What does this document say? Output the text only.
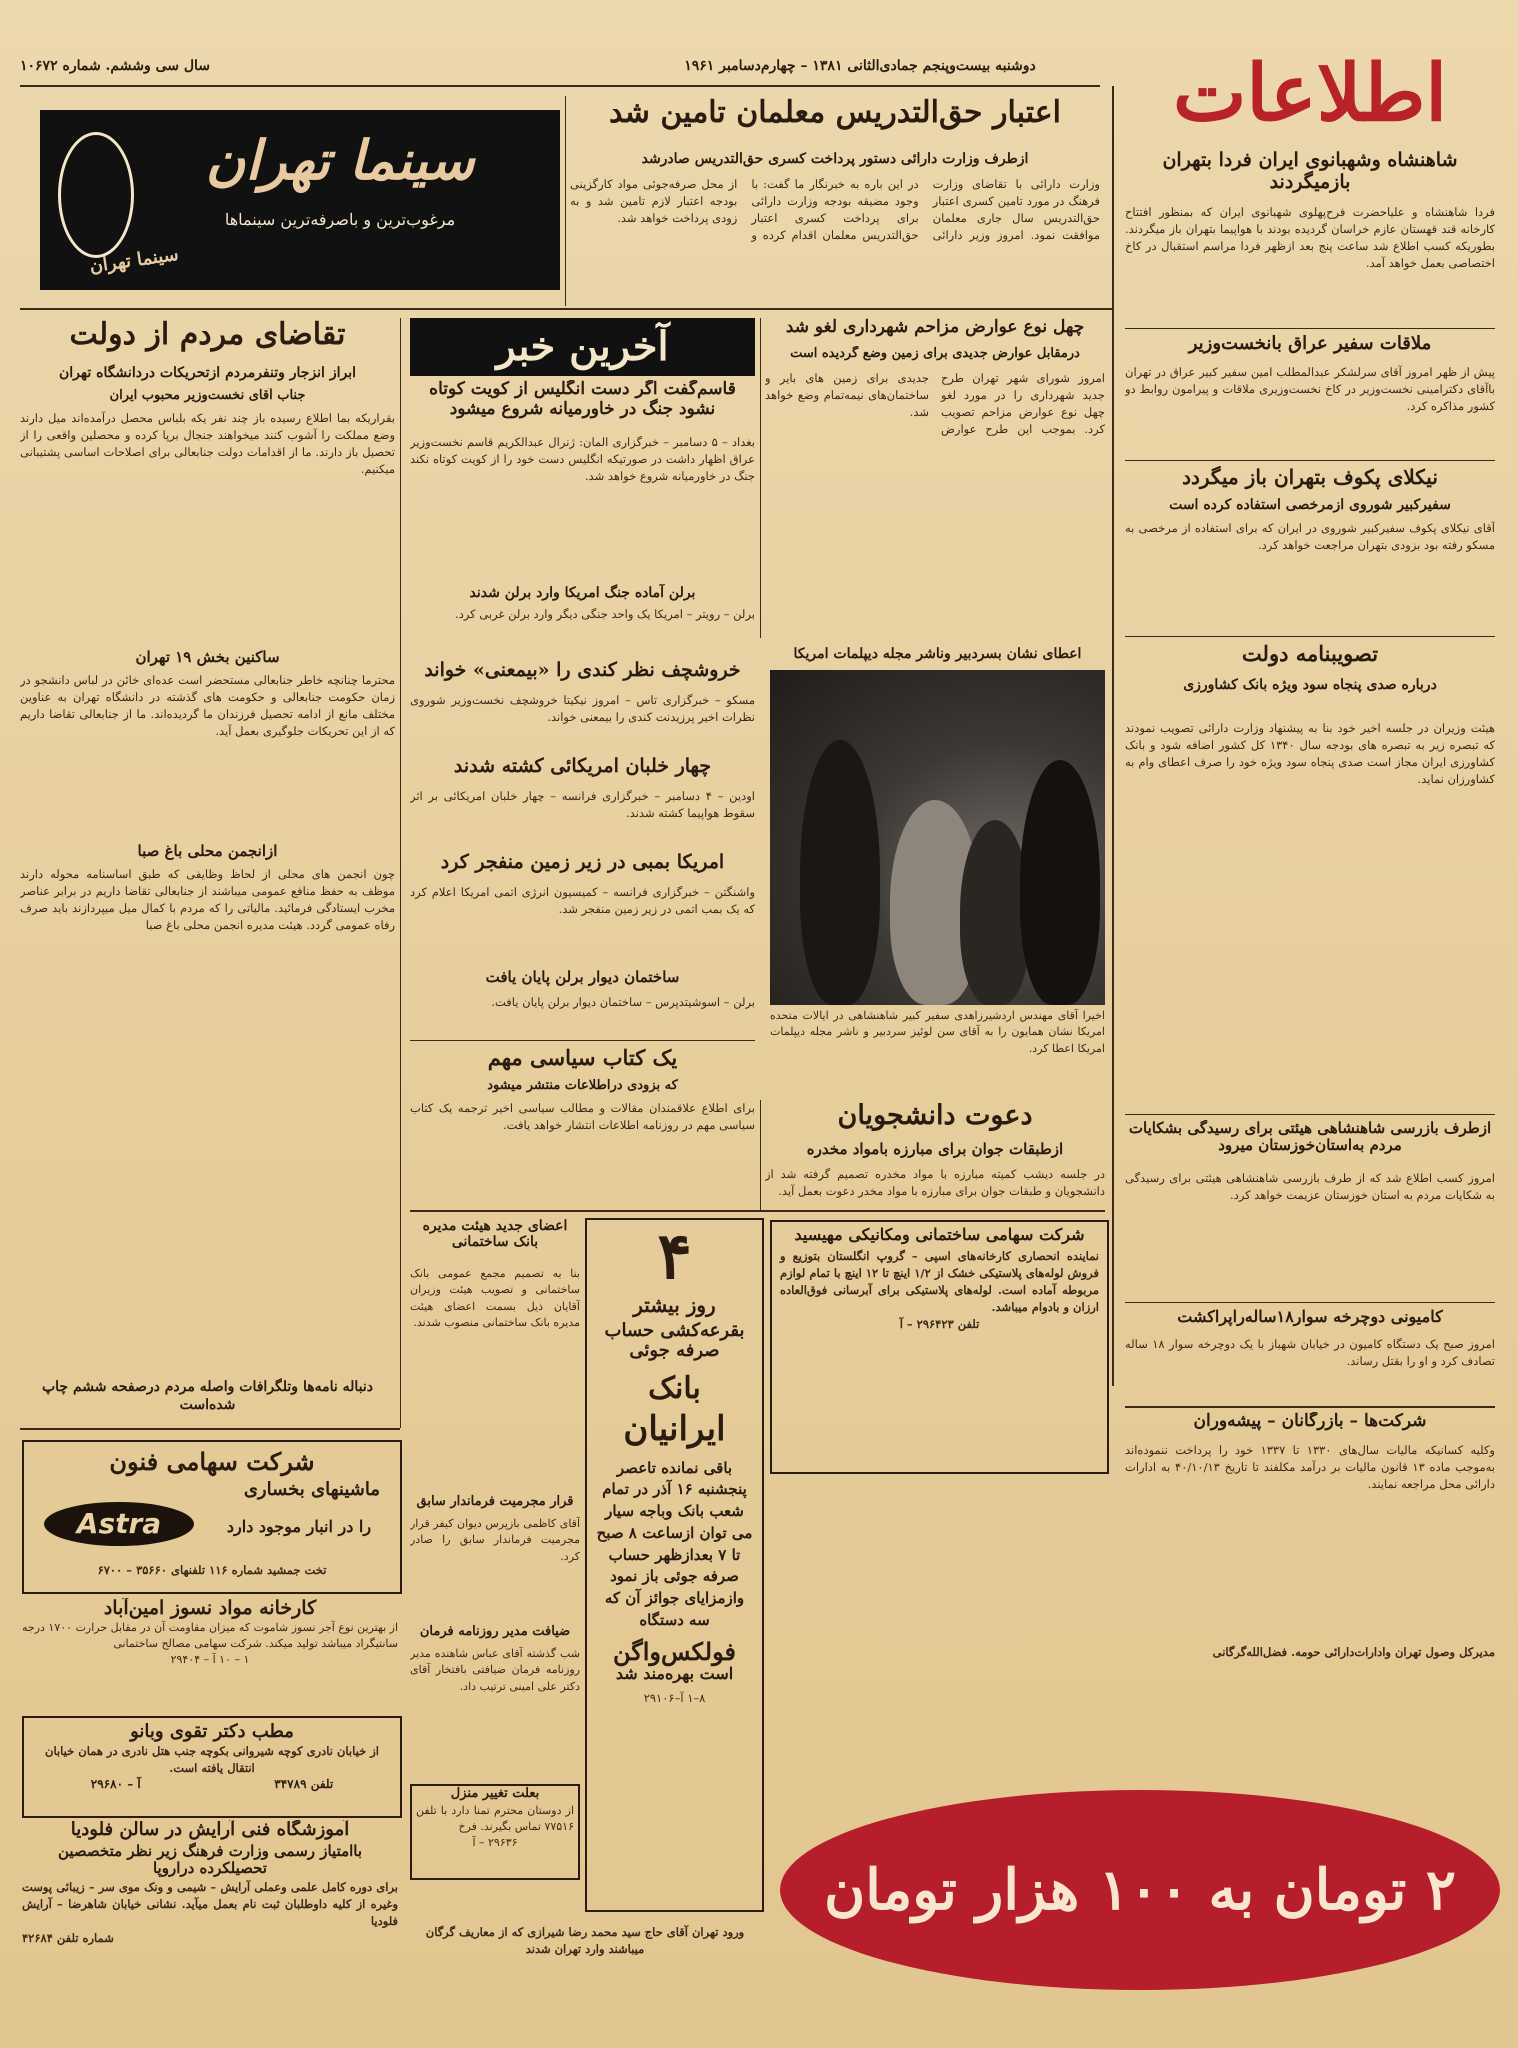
اطلاعات
دوشنبه بیست‌وپنجم جمادی‌الثانی ۱۳۸۱ – چهارم‌دسامبر ۱۹۶۱
سال سی وششم. شماره ۱۰۶۷۲
اعتبار حق‌التدریس معلمان تامین شد
ازطرف وزارت دارائی دستور پرداخت کسری حق‌التدریس صادرشد
وزارت دارائی با تقاضای وزارت فرهنگ در مورد تامین کسری اعتبار حق‌التدریس سال جاری معلمان موافقت نمود. امروز وزیر دارائی در این باره به خبرنگار ما گفت: با وجود مضیقه بودجه وزارت دارائی برای پرداخت کسری اعتبار حق‌التدریس معلمان اقدام کرده و از محل صرفه‌جوئی مواد کارگزینی بودجه اعتبار لازم تامین شد و به زودی پرداخت خواهد شد.
سینما تهران
مرغوب‌ترین و باصرفه‌ترین سینماها
سینما تهران
شاهنشاه وشهبانوی ایران فردا بتهران بازمیگردند
فردا شاهنشاه و علیاحضرت فرح‌پهلوی شهبانوی ایران که بمنظور افتتاح کارخانه قند قهستان عازم خراسان گردیده بودند با هواپیما بتهران باز میگردند. بطوریکه کسب اطلاع شد ساعت پنج بعد ازظهر فردا مراسم استقبال در کاخ اختصاصی بعمل خواهد آمد.
ملاقات سفیر عراق بانخست‌وزیر
پیش از ظهر امروز آقای سرلشکر عبدالمطلب امین سفیر کبیر عراق در تهران باآقای دکترامینی نخست‌وزیر در کاخ نخست‌وزیری ملاقات و پیرامون روابط دو کشور مذاکره کرد.
نیکلای پکوف بتهران باز میگردد
سفیرکبیر شوروی ازمرخصی استفاده کرده است
آقای نیکلای پکوف سفیرکبیر شوروی در ایران که برای استفاده از مرخصی به مسکو رفته بود بزودی بتهران مراجعت خواهد کرد.
تصویبنامه دولت
درباره صدی پنجاه سود ویژه بانک کشاورزی
هیئت وزیران در جلسه اخیر خود بنا به پیشنهاد وزارت دارائی تصویب نمودند که تبصره زیر به تبصره های بودجه سال ۱۳۴۰ کل کشور اضافه شود و بانک کشاورزی ایران مجاز است صدی پنجاه سود ویژه خود را صرف اعطای وام به کشاورزان نماید.
ازطرف بازرسی شاهنشاهی هیئتی برای رسیدگی بشکایات مردم به‌استان‌خوزستان میرود
امروز کسب اطلاع شد که از طرف بازرسی شاهنشاهی هیئتی برای رسیدگی به شکایات مردم به استان خوزستان عزیمت خواهد کرد.
کامیونی دوچرخه سوار۱۸ساله‌راپراکشت
امروز صبح یک دستگاه کامیون در خیابان شهباز با یک دوچرخه سوار ۱۸ ساله تصادف کرد و او را بقتل رساند.
شرکت‌ها – بازرگانان – پیشه‌وران
وکلیه کسانیکه مالیات سال‌های ۱۳۳۰ تا ۱۳۳۷ خود را پرداخت ننموده‌اند به‌موجب ماده ۱۳ قانون مالیات بر درآمد مکلفند تا تاریخ ۴۰/۱۰/۱۳ به ادارات دارائی محل مراجعه نمایند.
مدیرکل وصول تهران وادارات‌دارائی حومه. فضل‌الله‌گرگانی
چهل نوع عوارض مزاحم شهرداری لغو شد
درمقابل عوارض جدیدی برای زمین وضع گردیده است
امروز شورای شهر تهران طرح جدید شهرداری را در مورد لغو چهل نوع عوارض مزاحم تصویب کرد. بموجب این طرح عوارض جدیدی برای زمین های بایر و ساختمان‌های نیمه‌تمام وضع خواهد شد.
اعطای نشان بسردبیر وناشر مجله دیپلمات امریکا
اخیرا آقای مهندس اردشیرزاهدی سفیر کبیر شاهنشاهی در ایالات متحده امریکا نشان همایون را به آقای سن لوئیز سردبیر و ناشر مجله دیپلمات امریکا اعطا کرد.
آخرین خبر
قاسم‌گفت اگر دست انگلیس از کویت کوتاه نشود جنگ در خاورمیانه شروع میشود
بغداد – ۵ دسامبر – خبرگزاری المان: ژنرال عبدالکریم قاسم نخست‌وزیر عراق اظهار داشت در صورتیکه انگلیس دست خود را از کویت کوتاه نکند جنگ در خاورمیانه شروع خواهد شد.
برلن آماده جنگ امریکا وارد برلن شدند
برلن – رویتر – امریکا یک واحد جنگی دیگر وارد برلن غربی کرد.
خروشچف نظر کندی را «بیمعنی» خواند
مسکو – خبرگزاری تاس – امروز نیکیتا خروشچف نخست‌وزیر شوروی نظرات اخیر پرزیدنت کندی را بیمعنی خواند.
چهار خلبان امریکائی کشته شدند
اودین – ۴ دسامبر – خبرگزاری فرانسه – چهار خلبان امریکائی بر اثر سقوط هواپیما کشته شدند.
امریکا بمبی در زیر زمین منفجر کرد
واشنگتن – خبرگزاری فرانسه – کمیسیون انرژی اتمی امریکا اعلام کرد که یک بمب اتمی در زیر زمین منفجر شد.
ساختمان دیوار برلن پایان یافت
برلن – اسوشیتدپرس – ساختمان دیوار برلن پایان یافت.
یک کتاب سیاسی مهم
که بزودی دراطلاعات منتشر میشود
برای اطلاع علاقمندان مقالات و مطالب سیاسی اخیر ترجمه یک کتاب سیاسی مهم در روزنامه اطلاعات انتشار خواهد یافت.	دعوت دانشجویان
ازطبقات جوان برای مبارزه بامواد مخدره
در جلسه دیشب کمیته مبارزه با مواد مخدره تصمیم گرفته شد از دانشجویان و طبقات جوان برای مبارزه با مواد مخدر دعوت بعمل آید.
تقاضای مردم از دولت
ابراز انزجار وتنفرمردم ازتحریکات دردانشگاه تهران
جناب آقای نخست‌وزیر محبوب ایران
بقراریکه بما اطلاع رسیده باز چند نفر یکه بلباس محصل درآمده‌اند میل دارند وضع مملکت را آشوب کنند میخواهند جنجال برپا کرده و محصلین واقعی را از تحصیل باز دارند. ما از اقدامات دولت جنابعالی برای اصلاحات اساسی پشتیبانی میکنیم.
ساکنین بخش ۱۹ تهران
محترما چنانچه خاطر جنابعالی مستحضر است عده‌ای خائن در لباس دانشجو در زمان حکومت جنابعالی و حکومت های گذشته در دانشگاه تهران به عناوین مختلف مانع از ادامه تحصیل فرزندان ما گردیده‌اند. ما از جنابعالی تقاضا داریم که از این تحریکات جلوگیری بعمل آید.
ازانجمن محلی باغ صبا
چون انجمن های محلی از لحاظ وظایفی که طبق اساسنامه محوله دارند موظف به حفظ منافع عمومی میباشند از جنابعالی تقاضا داریم در برابر عناصر مخرب ایستادگی فرمائید. مالیاتی را که مردم با کمال میل میپردازند باید صرف رفاه عمومی گردد. هیئت مدیره انجمن محلی باغ صبا
دنباله نامه‌ها وتلگرافات واصله مردم درصفحه ششم چاپ شده‌است
اعضای جدید هیئت مدیره بانک ساختمانی
بنا به تصمیم مجمع عمومی بانک ساختمانی و تصویب هیئت وزیران آقایان ذیل بسمت اعضای هیئت مدیره بانک ساختمانی منصوب شدند.
قرار مجرمیت فرماندار سابق
آقای کاظمی بازپرس دیوان کیفر قرار مجرمیت فرماندار سابق را صادر کرد.
ضیافت مدیر روزنامه فرمان
شب گذشته آقای عباس شاهنده مدیر روزنامه فرمان ضیافتی بافتخار آقای دکتر علی امینی ترتیب داد.
بعلت تغییر منزل
از دوستان محترم تمنا دارد با تلفن ۷۷۵۱۶ تماس بگیرند. فرخ
۲۹۶۳۶ – آ
۴
روز بیشتر
بقرعه‌کشی حساب صرفه جوئی
بانک
ایرانیان
باقی نمانده تاعصر پنجشنبه ۱۶ آذر در تمام شعب بانک وباجه سیار می توان ازساعت ۸ صبح تا ۷ بعدازظهر حساب صرفه جوئی باز نمود وازمزایای جوائز آن که سه دستگاه
فولکس‌واگن
است بهره‌مند شد
۸–۱ آ–۲۹۱۰۶
شرکت سهامی ساختمانی ومکانیکی مهیسید
نماینده انحصاری کارخانه‌های اسپی – گروپ انگلستان بتوزیع و فروش لوله‌های پلاستیکی خشک از ۱/۲ اینچ تا ۱۲ اینچ با تمام لوازم مربوطه آماده است. لوله‌های پلاستیکی برای آبرسانی فوق‌العاده ارزان و بادوام میباشد.
تلفن ۲۹۶۴۲۳ – آ
شرکت سهامی فنون
ماشینهای بخساری
Astra	را در انبار موجود دارد
تخت جمشید شماره ۱۱۶ تلفنهای ۳۵۶۶۰ – ۶۷۰۰
کارخانه مواد نسوز امین‌آباد
از بهترین نوع آجر نسوز شاموت که میزان مقاومت آن در مقابل حرارت ۱۷۰۰ درجه سانتیگراد میباشد تولید میکند. شرکت سهامی مصالح ساختمانی
۱ – ۱۰ آ – ۲۹۴۰۴
مطب دکتر تقوی وبانو
از خیابان نادری کوچه شیروانی بکوچه جنب هتل نادری در همان خیابان انتقال یافته است.
تلفن ۳۴۷۸۹
آ – ۲۹۶۸۰
آموزشگاه فنی آرایش در سالن فلودیا
باامتیاز رسمی وزارت فرهنگ زیر نظر متخصصین تحصیلکرده دراروپا
برای دوره کامل علمی وعملی آرایش – شیمی و ونک موی سر – زیبائی پوست وغیره از کلیه داوطلبان ثبت نام بعمل میآید. نشانی خیابان شاهرضا – آرایش فلودیا
شماره تلفن ۴۲۶۸۴	ورود تهران آقای حاج سید محمد رضا شیرازی که از معاریف گرگان میباشند وارد تهران شدند
۲ تومان به ۱۰۰ هزار تومان
